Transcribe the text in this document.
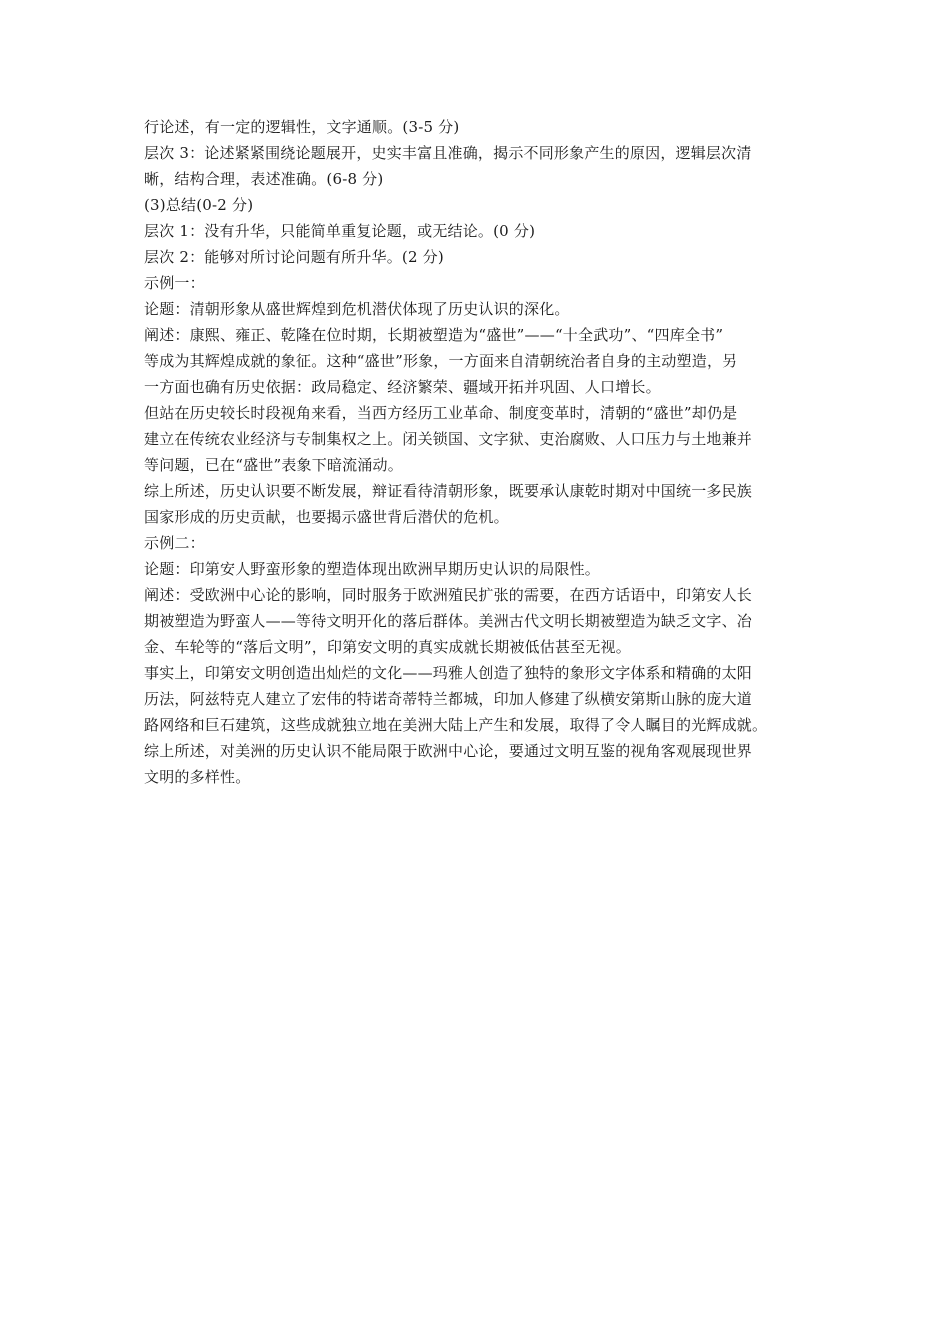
行论述，有一定的逻辑性，文字通顺。(3-5 分)
层次 3：论述紧紧围绕论题展开，史实丰富且准确，揭示不同形象产生的原因，逻辑层次清
晰，结构合理，表述准确。(6-8 分)
(3)总结(0-2 分)
层次 1：没有升华，只能简单重复论题，或无结论。(0 分)
层次 2：能够对所讨论问题有所升华。(2 分)
示例一：
论题：清朝形象从盛世辉煌到危机潜伏体现了历史认识的深化。
阐述：康熙、雍正、乾隆在位时期，长期被塑造为“盛世”——“十全武功”、“四库全书”
等成为其辉煌成就的象征。这种“盛世”形象，一方面来自清朝统治者自身的主动塑造，另
一方面也确有历史依据：政局稳定、经济繁荣、疆域开拓并巩固、人口增长。
但站在历史较长时段视角来看，当西方经历工业革命、制度变革时，清朝的“盛世”却仍是
建立在传统农业经济与专制集权之上。闭关锁国、文字狱、吏治腐败、人口压力与土地兼并
等问题，已在“盛世”表象下暗流涌动。
综上所述，历史认识要不断发展，辩证看待清朝形象，既要承认康乾时期对中国统一多民族
国家形成的历史贡献，也要揭示盛世背后潜伏的危机。
示例二：
论题：印第安人野蛮形象的塑造体现出欧洲早期历史认识的局限性。
阐述：受欧洲中心论的影响，同时服务于欧洲殖民扩张的需要，在西方话语中，印第安人长
期被塑造为野蛮人——等待文明开化的落后群体。美洲古代文明长期被塑造为缺乏文字、冶
金、车轮等的“落后文明”，印第安文明的真实成就长期被低估甚至无视。
事实上，印第安文明创造出灿烂的文化——玛雅人创造了独特的象形文字体系和精确的太阳
历法，阿兹特克人建立了宏伟的特诺奇蒂特兰都城，印加人修建了纵横安第斯山脉的庞大道
路网络和巨石建筑，这些成就独立地在美洲大陆上产生和发展，取得了令人瞩目的光辉成就。
综上所述，对美洲的历史认识不能局限于欧洲中心论，要通过文明互鉴的视角客观展现世界
文明的多样性。
